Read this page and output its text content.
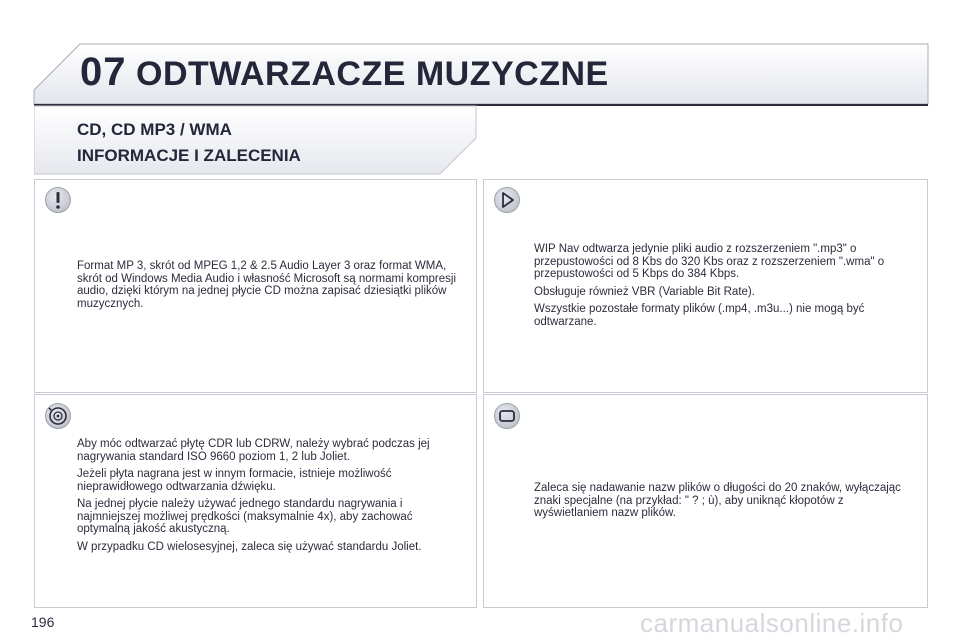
07 ODTWARZACZE MUZYCZNE
CD, CD MP3 / WMA
INFORMACJE I ZALECENIA

Format MP 3, skrót od MPEG 1,2 & 2.5 Audio Layer 3 oraz format WMA, skrót od Windows Media Audio i własność Microsoft są normami kompresji audio, dzięki którym na jednej płycie CD można zapisać dziesiątki plików muzycznych.

Aby móc odtwarzać płytę CDR lub CDRW, należy wybrać podczas jej nagrywania standard ISO 9660 poziom 1, 2 lub Joliet.

Jeżeli płyta nagrana jest w innym formacie, istnieje możliwość nieprawidłowego odtwarzania dźwięku.

Na jednej płycie należy używać jednego standardu nagrywania i najmniejszej możliwej prędkości (maksymalnie 4x), aby zachować optymalną jakość akustyczną.

W przypadku CD wielosesyjnej, zaleca się używać standardu Joliet.

WIP Nav odtwarza jedynie pliki audio z rozszerzeniem ".mp3" o przepustowości od 8 Kbs do 320 Kbs oraz z rozszerzeniem ".wma" o przepustowości od 5 Kbps do 384 Kbps.

Obsługuje również VBR (Variable Bit Rate).

Wszystkie pozostałe formaty plików (.mp4, .m3u...) nie mogą być odtwarzane.

Zaleca się nadawanie nazw plików o długości do 20 znaków, wyłączając znaki specjalne (na przykład: " ? ; ù), aby uniknąć kłopotów z wyświetlaniem nazw plików.

196	carmanualsonline.info
